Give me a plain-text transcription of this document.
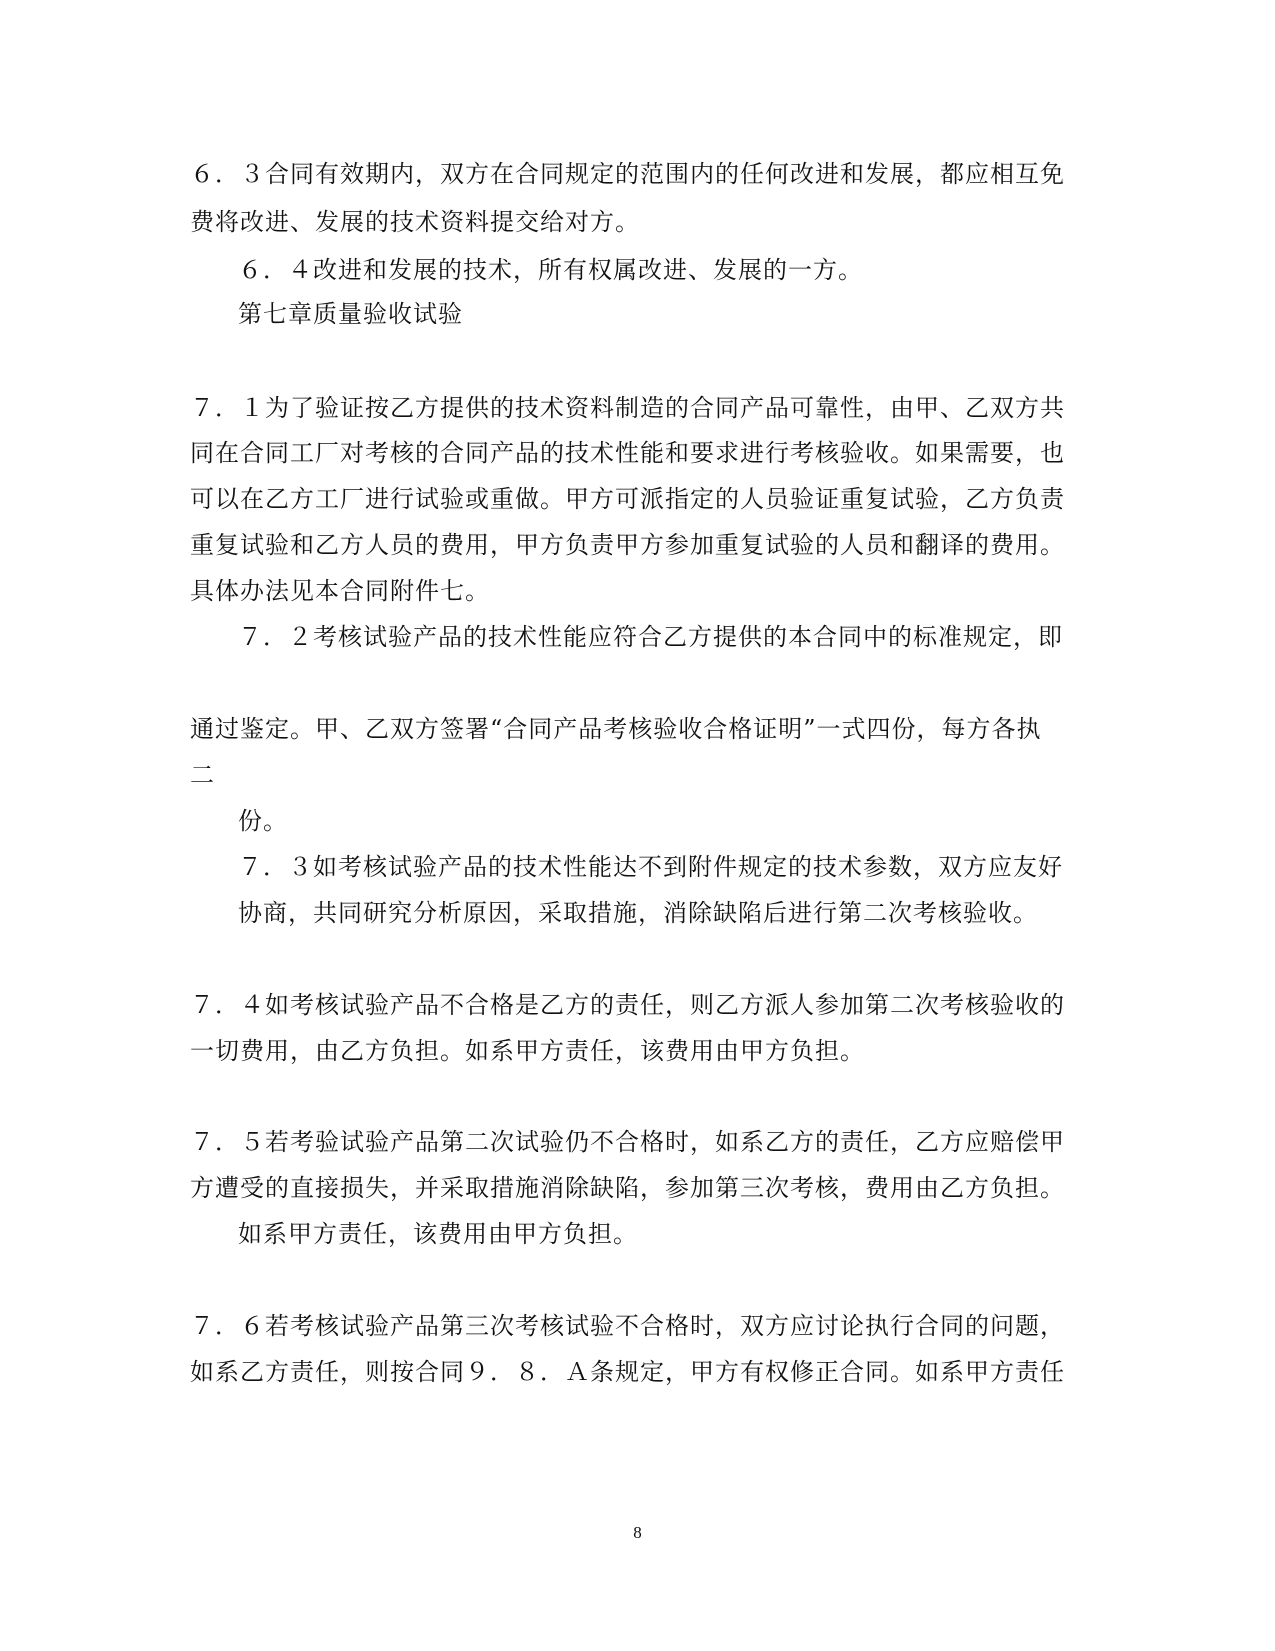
６．３合同有效期内，双方在合同规定的范围内的任何改进和发展，都应相互免
费将改进、发展的技术资料提交给对方。
６．４改进和发展的技术，所有权属改进、发展的一方。
第七章质量验收试验
７．１为了验证按乙方提供的技术资料制造的合同产品可靠性，由甲、乙双方共
同在合同工厂对考核的合同产品的技术性能和要求进行考核验收。如果需要，也
可以在乙方工厂进行试验或重做。甲方可派指定的人员验证重复试验，乙方负责
重复试验和乙方人员的费用，甲方负责甲方参加重复试验的人员和翻译的费用。
具体办法见本合同附件七。
７．２考核试验产品的技术性能应符合乙方提供的本合同中的标准规定，即
通过鉴定。甲、乙双方签署“合同产品考核验收合格证明”一式四份，每方各执
二
份。
７．３如考核试验产品的技术性能达不到附件规定的技术参数，双方应友好
协商，共同研究分析原因，采取措施，消除缺陷后进行第二次考核验收。
７．４如考核试验产品不合格是乙方的责任，则乙方派人参加第二次考核验收的
一切费用，由乙方负担。如系甲方责任，该费用由甲方负担。
７．５若考验试验产品第二次试验仍不合格时，如系乙方的责任，乙方应赔偿甲
方遭受的直接损失，并采取措施消除缺陷，参加第三次考核，费用由乙方负担。
如系甲方责任，该费用由甲方负担。
７．６若考核试验产品第三次考核试验不合格时，双方应讨论执行合同的问题，
如系乙方责任，则按合同９．８．Ａ条规定，甲方有权修正合同。如系甲方责任
8
